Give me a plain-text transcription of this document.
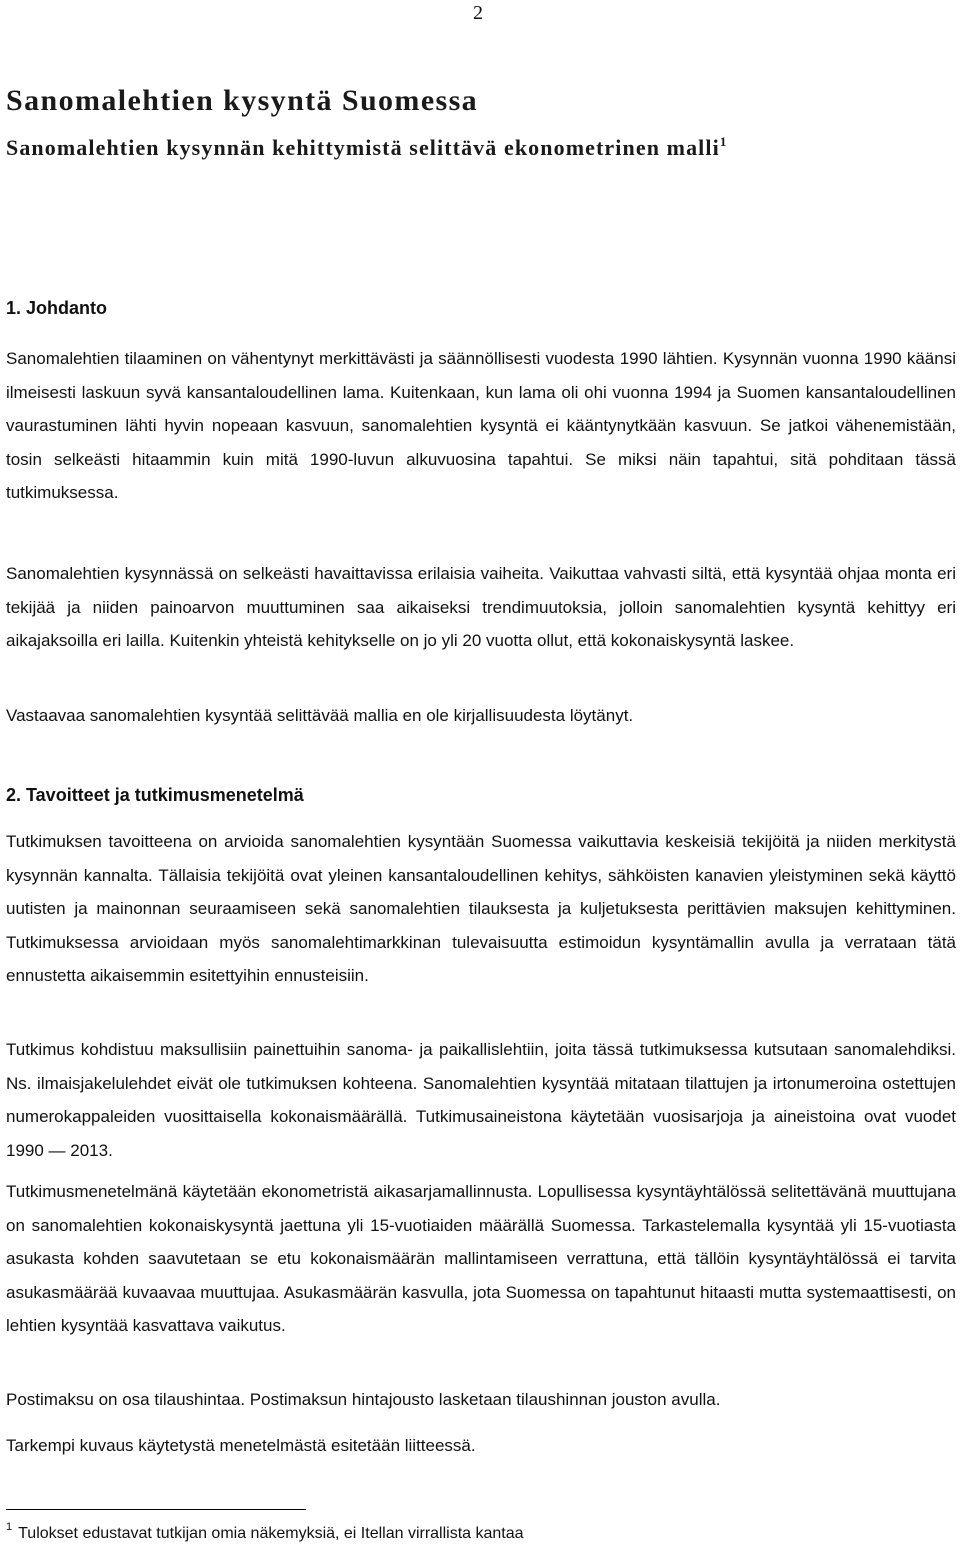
2
Sanomalehtien kysyntä Suomessa
Sanomalehtien kysynnän kehittymistä selittävä ekonometrinen malli$^1$
1. Johdanto

Sanomalehtien tilaaminen on vähentynyt merkittävästi ja säännöllisesti vuodesta 1990 lähtien. Kysynnän vuonna 1990 käänsi ilmeisesti laskuun syvä kansantaloudellinen lama. Kuitenkaan, kun lama oli ohi vuonna 1994 ja Suomen kansantaloudellinen vaurastuminen lähti hyvin nopeaan kasvuun, sanomalehtien kysyntä ei kääntynytkään kasvuun. Se jatkoi vähenemistään, tosin selkeästi hitaammin kuin mitä 1990-luvun alkuvuosina tapahtui. Se miksi näin tapahtui, sitä pohditaan tässä tutkimuksessa.

Sanomalehtien kysynnässä on selkeästi havaittavissa erilaisia vaiheita. Vaikuttaa vahvasti siltä, että kysyntää ohjaa monta eri tekijää ja niiden painoarvon muuttuminen saa aikaiseksi trendimuutoksia, jolloin sanomalehtien kysyntä kehittyy eri aikajaksoilla eri lailla. Kuitenkin yhteistä kehitykselle on jo yli 20 vuotta ollut, että kokonaiskysyntä laskee.

Vastaavaa sanomalehtien kysyntää selittävää mallia en ole kirjallisuudesta löytänyt.

2. Tavoitteet ja tutkimusmenetelmä

Tutkimuksen tavoitteena on arvioida sanomalehtien kysyntään Suomessa vaikuttavia keskeisiä tekijöitä ja niiden merkitystä kysynnän kannalta. Tällaisia tekijöitä ovat yleinen kansantaloudellinen kehitys, sähköisten kanavien yleistyminen sekä käyttö uutisten ja mainonnan seuraamiseen sekä sanomalehtien tilauksesta ja kuljetuksesta perittävien maksujen kehittyminen. Tutkimuksessa arvioidaan myös sanomalehtimarkkinan tulevaisuutta estimoidun kysyntämallin avulla ja verrataan tätä ennustetta aikaisemmin esitettyihin ennusteisiin.

Tutkimus kohdistuu maksullisiin painettuihin sanoma- ja paikallislehtiin, joita tässä tutkimuksessa kutsutaan sanomalehdiksi. Ns. ilmaisjakelulehdet eivät ole tutkimuksen kohteena. Sanomalehtien kysyntää mitataan tilattujen ja irtonumeroina ostettujen numerokappaleiden vuosittaisella kokonaismäärällä. Tutkimusaineistona käytetään vuosisarjoja ja aineistoina ovat vuodet 1990 — 2013.

Tutkimusmenetelmänä käytetään ekonometristä aikasarjamallinnusta. Lopullisessa kysyntäyhtälössä selitettävänä muuttujana on sanomalehtien kokonaiskysyntä jaettuna yli 15-vuotiaiden määrällä Suomessa. Tarkastelemalla kysyntää yli 15-vuotiasta asukasta kohden saavutetaan se etu kokonaismäärän mallintamiseen verrattuna, että tällöin kysyntäyhtälössä ei tarvita asukasmäärää kuvaavaa muuttujaa. Asukasmäärän kasvulla, jota Suomessa on tapahtunut hitaasti mutta systemaattisesti, on lehtien kysyntää kasvattava vaikutus.

Postimaksu on osa tilaushintaa. Postimaksun hintajousto lasketaan tilaushinnan jouston avulla.

Tarkempi kuvaus käytetystä menetelmästä esitetään liitteessä.

$^1$ Tulokset edustavat tutkijan omia näkemyksiä, ei Itellan virrallista kantaa
